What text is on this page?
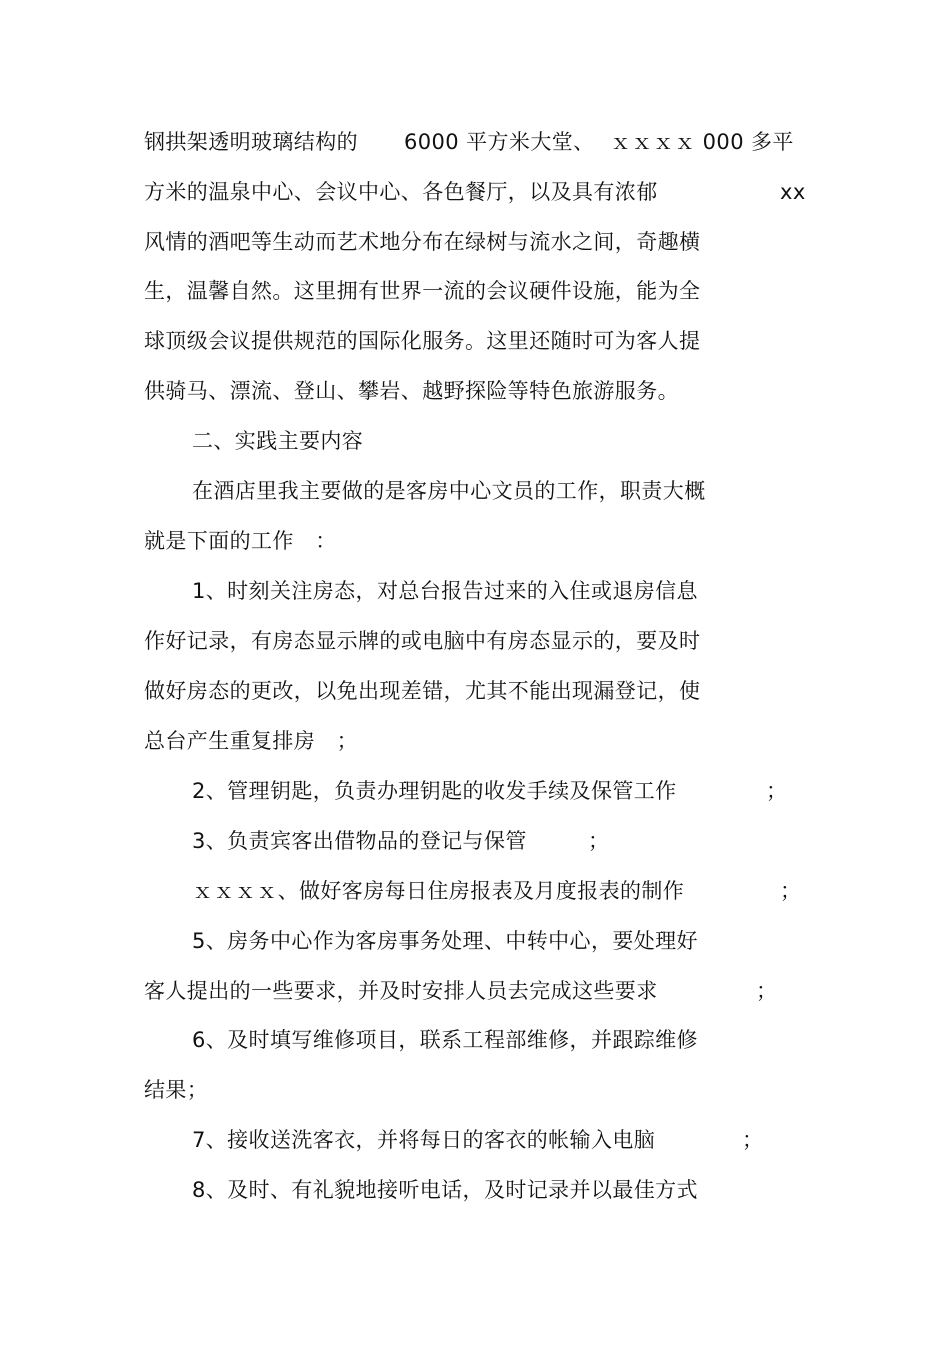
钢拱架透明玻璃结构的 6000 平方米大堂、 ｘｘｘｘ 000 多平
方米的温泉中心、会议中心、各色餐厅，以及具有浓郁	xx
风情的酒吧等生动而艺术地分布在绿树与流水之间，奇趣横
生，温馨自然。这里拥有世界一流的会议硬件设施，能为全
球顶级会议提供规范的国际化服务。这里还随时可为客人提
供骑马、漂流、登山、攀岩、越野探险等特色旅游服务。
二、实践主要内容
在酒店里我主要做的是客房中心文员的工作，职责大概
就是下面的工作　：
1、时刻关注房态，对总台报告过来的入住或退房信息
作好记录，有房态显示牌的或电脑中有房态显示的，要及时
做好房态的更改，以免出现差错，尤其不能出现漏登记，使
总台产生重复排房　；
2、管理钥匙，负责办理钥匙的收发手续及保管工作	；
3、负责宾客出借物品的登记与保管	；
ｘｘｘｘ、做好客房每日住房报表及月度报表的制作	；
5、房务中心作为客房事务处理、中转中心，要处理好
客人提出的一些要求，并及时安排人员去完成这些要求	；
6、及时填写维修项目，联系工程部维修，并跟踪维修
结果；
7、接收送洗客衣，并将每日的客衣的帐输入电脑	；
8、及时、有礼貌地接听电话，及时记录并以最佳方式
